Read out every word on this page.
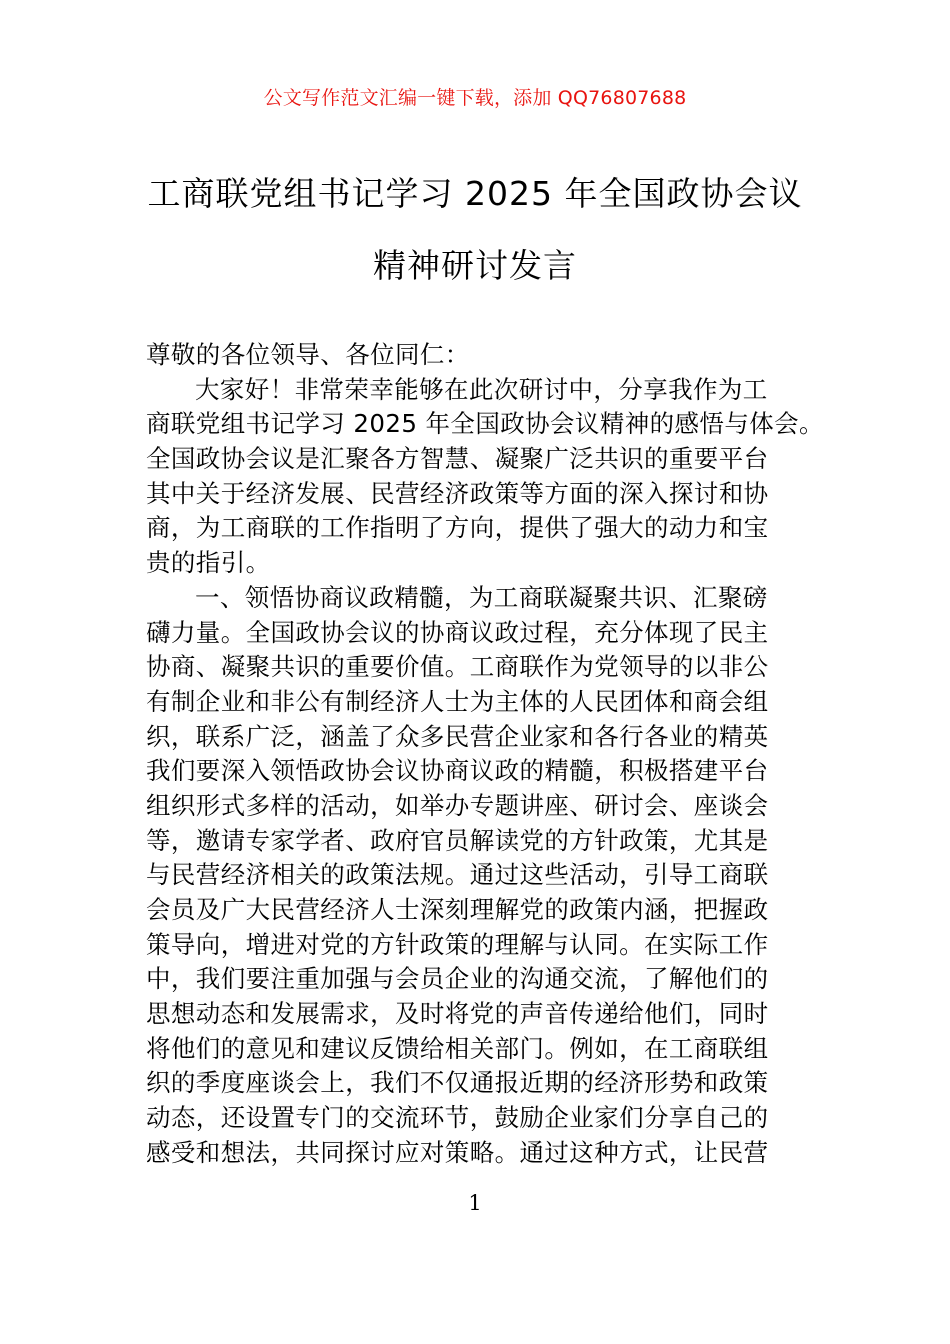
公文写作范文汇编一键下载，添加 QQ76807688
工商联党组书记学习 2025 年全国政协会议
精神研讨发言
尊敬的各位领导、各位同仁：
大家好！非常荣幸能够在此次研讨中，分享我作为工
商联党组书记学习 2025 年全国政协会议精神的感悟与体会。
全国政协会议是汇聚各方智慧、凝聚广泛共识的重要平台
其中关于经济发展、民营经济政策等方面的深入探讨和协
商，为工商联的工作指明了方向，提供了强大的动力和宝
贵的指引。
一、领悟协商议政精髓，为工商联凝聚共识、汇聚磅
礴力量。全国政协会议的协商议政过程，充分体现了民主
协商、凝聚共识的重要价值。工商联作为党领导的以非公
有制企业和非公有制经济人士为主体的人民团体和商会组
织，联系广泛，涵盖了众多民营企业家和各行各业的精英
我们要深入领悟政协会议协商议政的精髓，积极搭建平台
组织形式多样的活动，如举办专题讲座、研讨会、座谈会
等，邀请专家学者、政府官员解读党的方针政策，尤其是
与民营经济相关的政策法规。通过这些活动，引导工商联
会员及广大民营经济人士深刻理解党的政策内涵，把握政
策导向，增进对党的方针政策的理解与认同。在实际工作
中，我们要注重加强与会员企业的沟通交流，了解他们的
思想动态和发展需求，及时将党的声音传递给他们，同时
将他们的意见和建议反馈给相关部门。例如，在工商联组
织的季度座谈会上，我们不仅通报近期的经济形势和政策
动态，还设置专门的交流环节，鼓励企业家们分享自己的
感受和想法，共同探讨应对策略。通过这种方式，让民营
1
